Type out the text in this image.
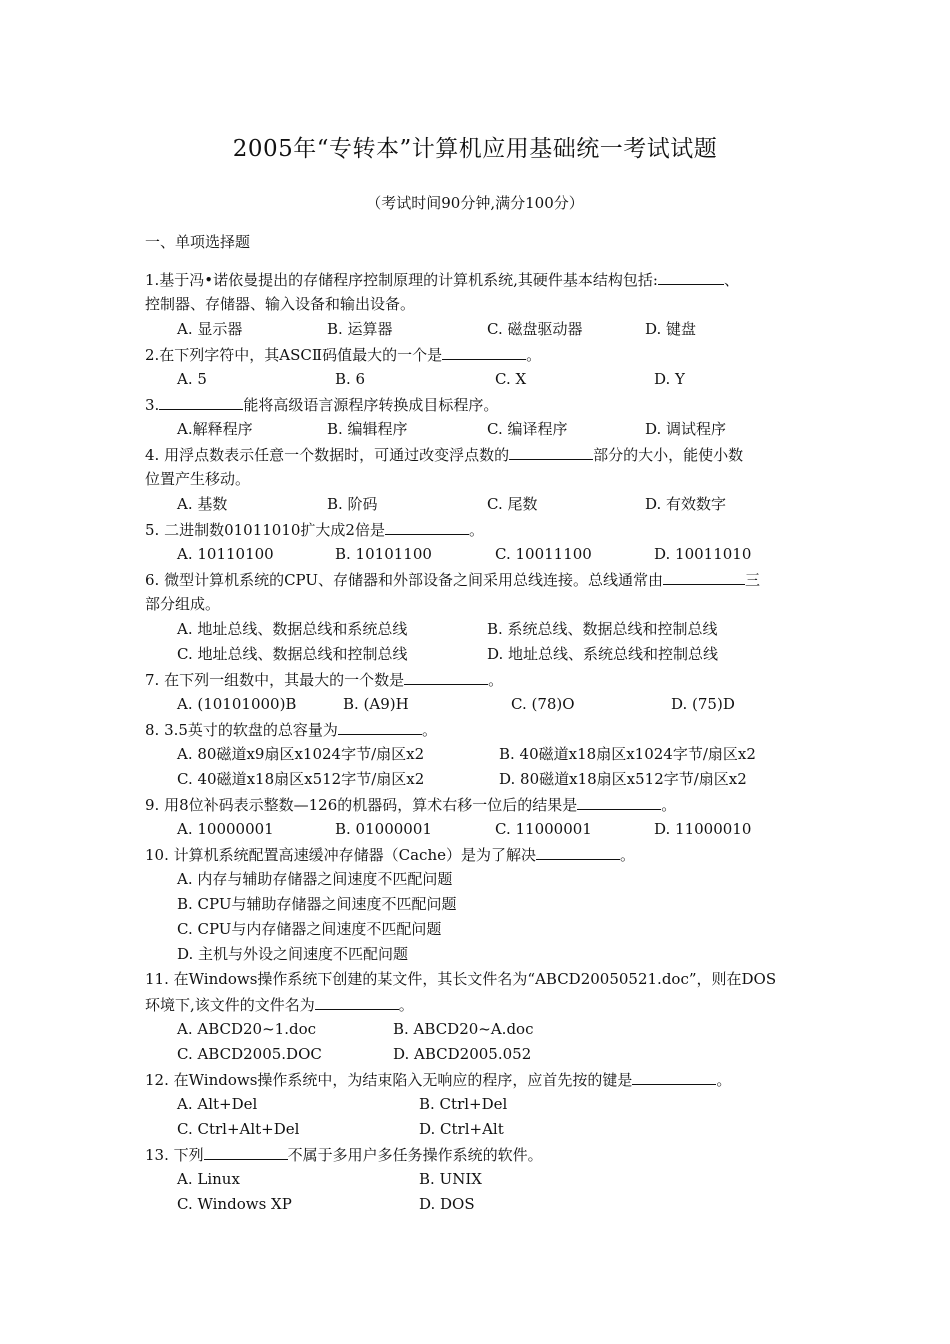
2005年“专转本”计算机应用基础统一考试试题
（考试时间90分钟,满分100分）
一、单项选择题
1.基于冯•诺依曼提出的存储程序控制原理的计算机系统,其硬件基本结构包括:	、
控制器、存储器、输入设备和输出设备。
A. 显示器	B. 运算器	C. 磁盘驱动器	D. 键盘
2.在下列字符中，其ASCⅡ码值最大的一个是	。
A. 5	B. 6	C. X	D. Y
3.	能将高级语言源程序转换成目标程序。
A.解释程序	B. 编辑程序	C. 编译程序	D. 调试程序
4. 用浮点数表示任意一个数据时，可通过改变浮点数的	部分的大小，能使小数
位置产生移动。
A. 基数	B. 阶码	C. 尾数	D. 有效数字
5. 二进制数01011010扩大成2倍是	。
A. 10110100	B. 10101100	C. 10011100	D. 10011010
6. 微型计算机系统的CPU、存储器和外部设备之间采用总线连接。总线通常由	三
部分组成。
A. 地址总线、数据总线和系统总线	B. 系统总线、数据总线和控制总线
C. 地址总线、数据总线和控制总线	D. 地址总线、系统总线和控制总线
7. 在下列一组数中，其最大的一个数是	。
A. (10101000)B	B. (A9)H	C. (78)O	D. (75)D
8. 3.5英寸的软盘的总容量为	。
A. 80磁道x9扇区x1024字节/扇区x2	B. 40磁道x18扇区x1024字节/扇区x2
C. 40磁道x18扇区x512字节/扇区x2	D. 80磁道x18扇区x512字节/扇区x2
9. 用8位补码表示整数—126的机器码，算术右移一位后的结果是	。
A. 10000001	B. 01000001	C. 11000001	D. 11000010
10. 计算机系统配置高速缓冲存储器（Cache）是为了解决	。
A. 内存与辅助存储器之间速度不匹配问题
B. CPU与辅助存储器之间速度不匹配问题
C. CPU与内存储器之间速度不匹配问题
D. 主机与外设之间速度不匹配问题
11. 在Windows操作系统下创建的某文件，其长文件名为“ABCD20050521.doc”，则在DOS
环境下,该文件的文件名为	。
A. ABCD20~1.doc	B. ABCD20~A.doc
C. ABCD2005.DOC	D. ABCD2005.052
12. 在Windows操作系统中，为结束陷入无响应的程序，应首先按的键是	。
A. Alt+Del	B. Ctrl+Del
C. Ctrl+Alt+Del	D. Ctrl+Alt
13. 下列	不属于多用户多任务操作系统的软件。
A. Linux	B. UNIX
C. Windows XP	D. DOS
